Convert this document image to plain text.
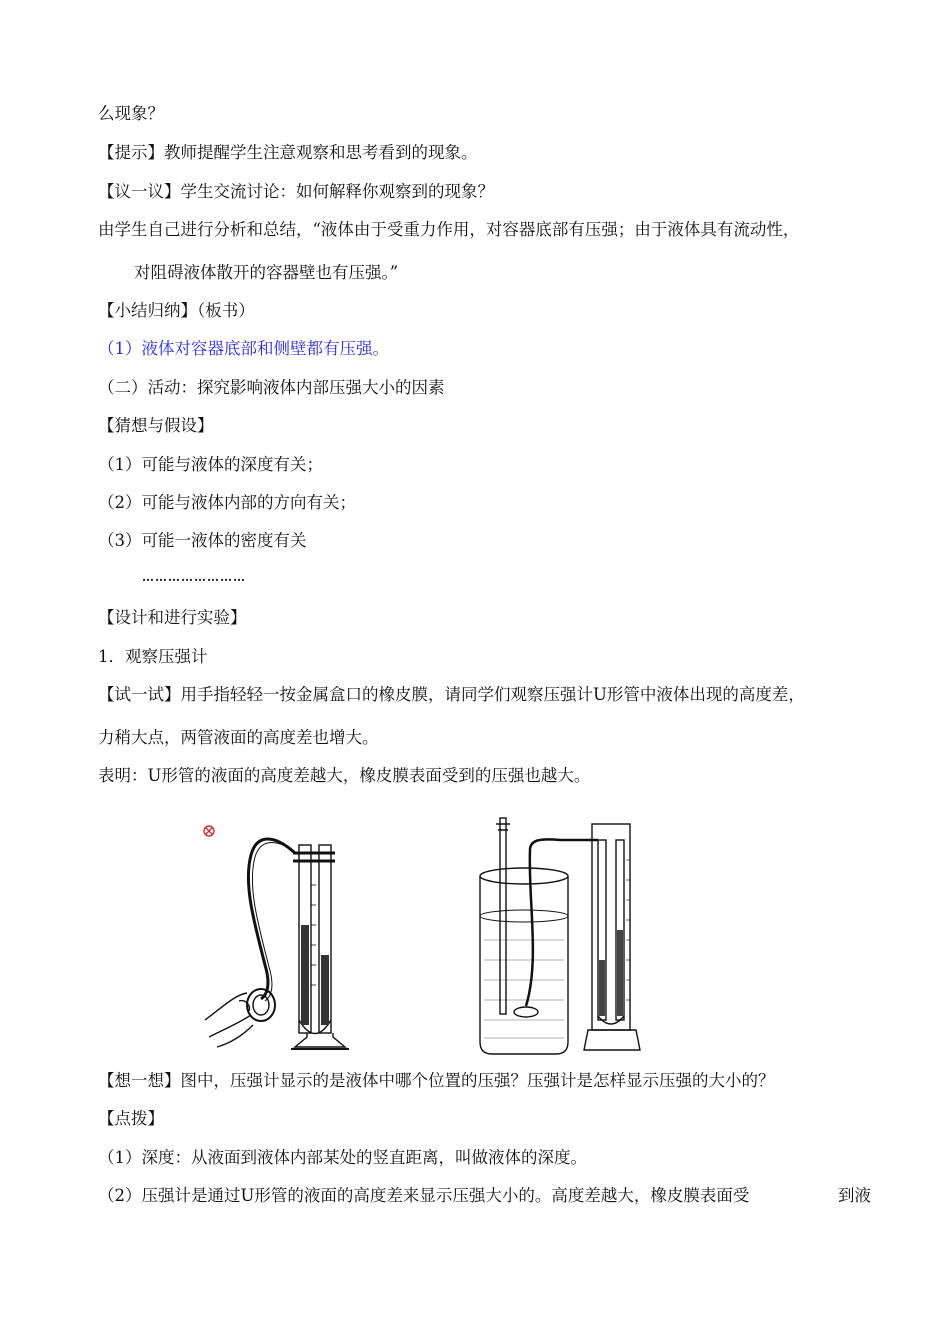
么现象？
【提示】教师提醒学生注意观察和思考看到的现象。
【议一议】学生交流讨论：如何解释你观察到的现象？
由学生自己进行分析和总结，“液体由于受重力作用，对容器底部有压强；由于液体具有流动性，
对阻碍液体散开的容器壁也有压强。”
【小结归纳】（板书）
（1）液体对容器底部和侧壁都有压强。
（二）活动：探究影响液体内部压强大小的因素
【猜想与假设】
（1）可能与液体的深度有关；
（2）可能与液体内部的方向有关；
（3）可能一液体的密度有关
……………………
【设计和进行实验】
1．观察压强计
【试一试】用手指轻轻一按金属盒口的橡皮膜，请同学们观察压强计U形管中液体出现的高度差，
力稍大点，两管液面的高度差也增大。
表明：U形管的液面的高度差越大，橡皮膜表面受到的压强也越大。
【想一想】图中，压强计显示的是液体中哪个位置的压强？压强计是怎样显示压强的大小的？
【点拨】
（1）深度：从液面到液体内部某处的竖直距离，叫做液体的深度。
（2）压强计是通过U形管的液面的高度差来显示压强大小的。高度差越大，橡皮膜表面受	到液
